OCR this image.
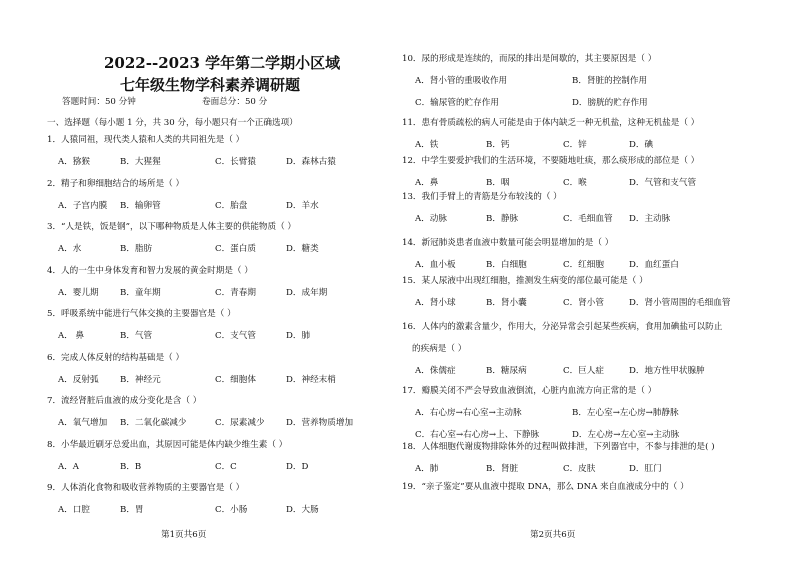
2022--2023 学年第二学期小区域
七年级生物学科素养调研题
答题时间：50 分钟	卷面总分：50 分
一、选择题（每小题 1 分，共 30 分，每小题只有一个正确选项）
1．人猿同祖，现代类人猿和人类的共同祖先是（ ）
A．猕猴	B．大猩猩	C．长臂猿	D．森林古猿
2．精子和卵细胞结合的场所是（ ）
A．子宫内膜 B．输卵管	C．胎盘	D．羊水
3．“人是铁，饭是钢”，以下哪种物质是人体主要的供能物质（ ）
A．水	B．脂肪	C．蛋白质	D．糖类
4．人的一生中身体发育和智力发展的黄金时期是（ ）
A．婴儿期 B．童年期	C．青春期	D．成年期
5．呼吸系统中能进行气体交换的主要器官是（ ）
A． 鼻	B．气管	C．支气管	D．肺
6．完成人体反射的结构基础是（ ）
A．反射弧 B．神经元	C．细胞体	D．神经末梢
7．流经肾脏后血液的成分变化是含（ ）
A．氧气增加 B．二氧化碳减少	C．尿素减少 D．营养物质增加
8．小华最近刷牙总爱出血，其原因可能是体内缺少维生素（ ）
A．A	B．B	C．C	D．D
9．人体消化食物和吸收营养物质的主要器官是（ ）
A．口腔	B．胃	C．小肠	D．大肠
第1页共6页
10．尿的形成是连续的，而尿的排出是间歇的，其主要原因是（ ）
A．肾小管的重吸收作用	B．肾脏的控制作用
C．输尿管的贮存作用	D．膀胱的贮存作用
11．患有骨质疏松的病人可能是由于体内缺乏一种无机盐，这种无机盐是（ ）
A．铁	B．钙	C．锌	D．碘
12．中学生要爱护我们的生活环境，不要随地吐痰，那么痰形成的部位是（ ）
A．鼻	B．咽	C．喉	D．气管和支气管
13．我们手臂上的青筋是分布较浅的（ ）
A．动脉	B．静脉	C．毛细血管 D．主动脉
14．新冠肺炎患者血液中数量可能会明显增加的是（ ）
A．血小板	B．白细胞	C．红细胞	D．血红蛋白
15．某人尿液中出现红细胞，推测发生病变的部位最可能是（ ）
A．肾小球	B．肾小囊	C．肾小管	D．肾小管周围的毛细血管
16．人体内的激素含量少，作用大，分泌异常会引起某些疾病，食用加碘盐可以防止
的疾病是（ ）
A．侏儒症	B．糖尿病	C．巨人症	D．地方性甲状腺肿
17．瓣膜关闭不严会导致血液倒流，心脏内血流方向正常的是（ ）
A．右心房→右心室→主动脉	B．左心室→左心房→肺静脉
C．右心室→右心房→上、下静脉	D．左心房→左心室→主动脉
18．人体细胞代谢废物排除体外的过程叫做排泄，下列器官中，不参与排泄的是( )
A．肺	B．肾脏	C．皮肤	D．肛门
19．“亲子鉴定”要从血液中提取 DNA，那么 DNA 来自血液成分中的（ ）
第2页共6页
